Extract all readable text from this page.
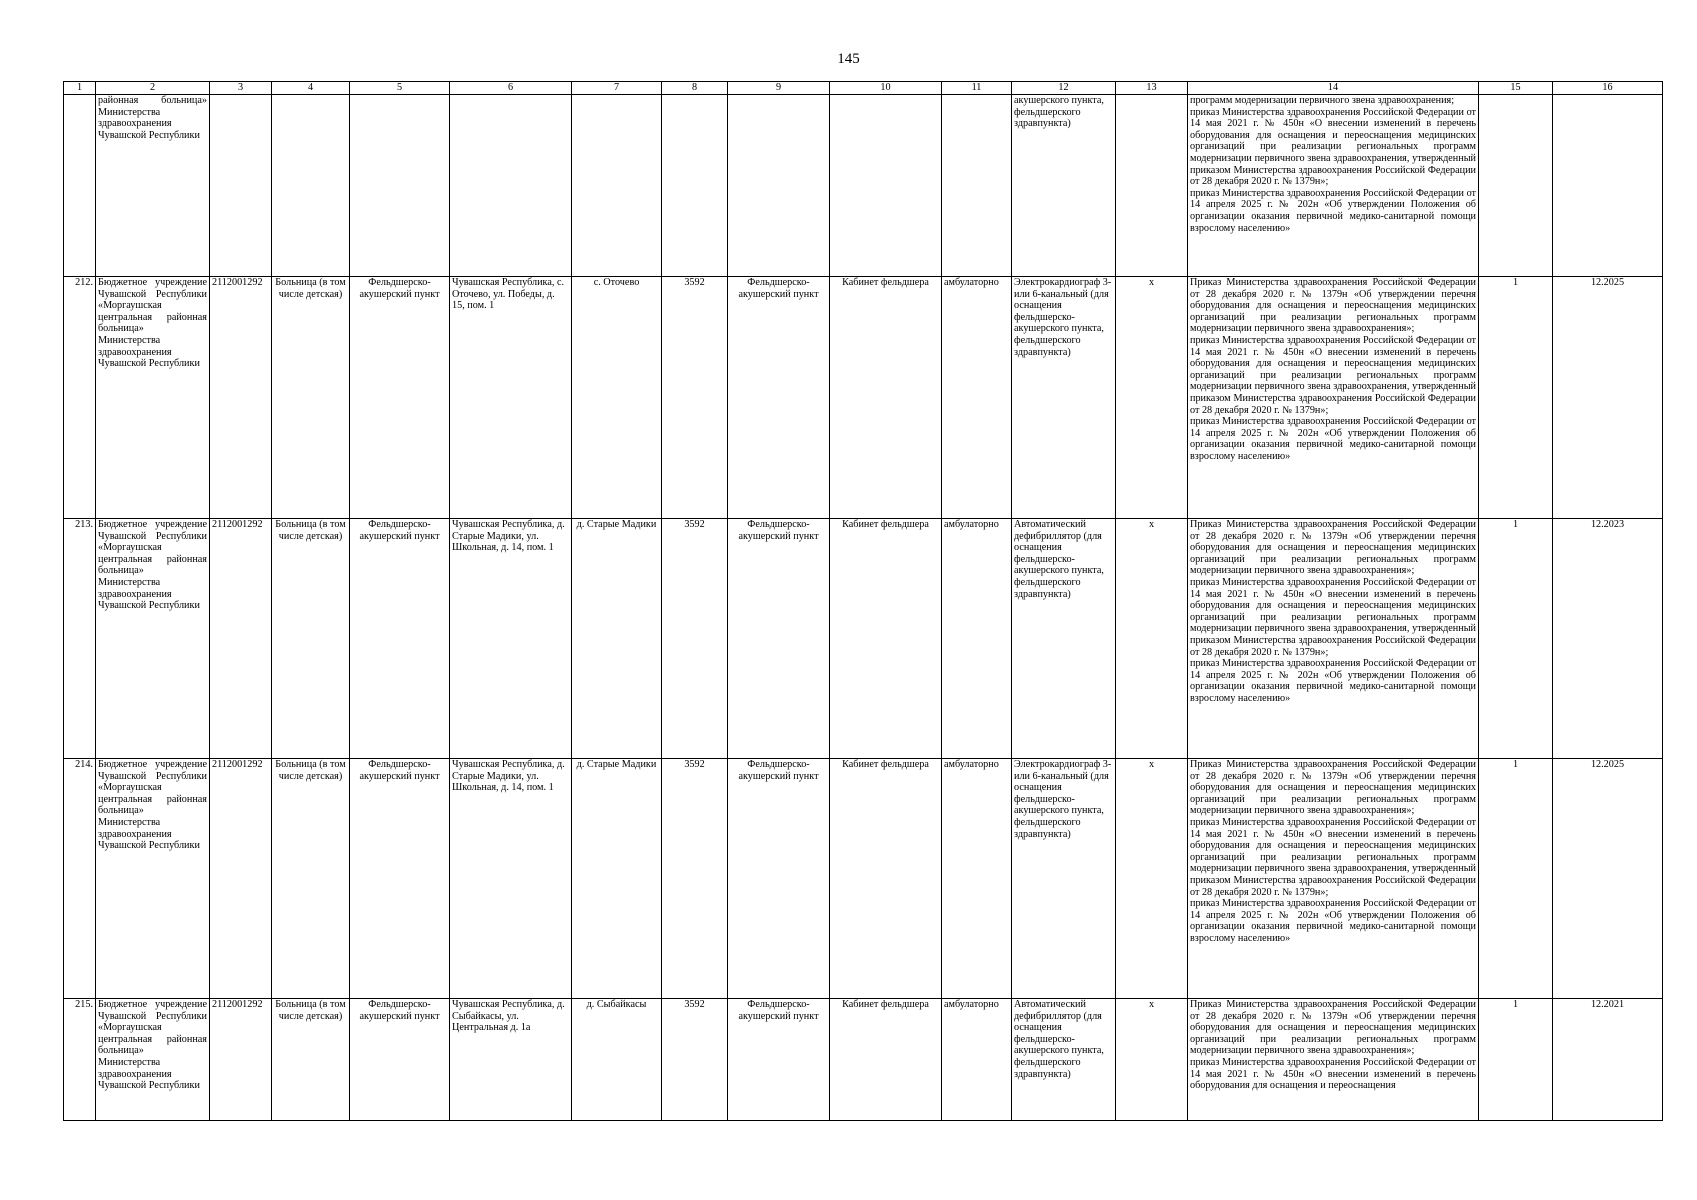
145
1	2	3	4	5	6	7	8	9	10	11	12	13	14	15	16
	районная больница» Министерства здравоохранения Чувашской Республики										акушерского пункта, фельдшерского здравпункта)		программ модернизации первичного звена здравоохранения;
приказ Министерства здравоохранения Российской Федерации от 14 мая 2021 г. № 450н «О внесении изменений в перечень оборудования для оснащения и переоснащения медицинских организаций при реализации региональных программ модернизации первичного звена здравоохранения, утвержденный приказом Министерства здравоохранения Российской Федерации от 28 декабря 2020 г. № 1379н»;
приказ Министерства здравоохранения Российской Федерации от 14 апреля 2025 г. № 202н «Об утверждении Положения об организации оказания первичной медико-санитарной помощи взрослому населению»		
212.	Бюджетное учреждение Чувашской Республики «Моргаушская центральная районная больница» Министерства здравоохранения Чувашской Республики	2112001292	Больница (в том числе детская)	Фельдшерско-акушерский пункт	Чувашская Республика, с. Оточево, ул. Победы, д. 15, пом. 1	с. Оточево	3592	Фельдшерско-акушерский пункт	Кабинет фельдшера	амбулаторно	Электрокардиограф 3- или 6-канальный (для оснащения фельдшерско-акушерского пункта, фельдшерского здравпункта)	x	Приказ Министерства здравоохранения Российской Федерации от 28 декабря 2020 г. № 1379н «Об утверждении перечня оборудования для оснащения и переоснащения медицинских организаций при реализации региональных программ модернизации первичного звена здравоохранения»;
приказ Министерства здравоохранения Российской Федерации от 14 мая 2021 г. № 450н «О внесении изменений в перечень оборудования для оснащения и переоснащения медицинских организаций при реализации региональных программ модернизации первичного звена здравоохранения, утвержденный приказом Министерства здравоохранения Российской Федерации от 28 декабря 2020 г. № 1379н»;
приказ Министерства здравоохранения Российской Федерации от 14 апреля 2025 г. № 202н «Об утверждении Положения об организации оказания первичной медико-санитарной помощи взрослому населению»	1	12.2025
213.	Бюджетное учреждение Чувашской Республики «Моргаушская центральная районная больница» Министерства здравоохранения Чувашской Республики	2112001292	Больница (в том числе детская)	Фельдшерско-акушерский пункт	Чувашская Республика, д. Старые Мадики, ул. Школьная, д. 14, пом. 1	д. Старые Мадики	3592	Фельдшерско-акушерский пункт	Кабинет фельдшера	амбулаторно	Автоматический дефибриллятор (для оснащения фельдшерско-акушерского пункта, фельдшерского здравпункта)	x	Приказ Министерства здравоохранения Российской Федерации от 28 декабря 2020 г. № 1379н «Об утверждении перечня оборудования для оснащения и переоснащения медицинских организаций при реализации региональных программ модернизации первичного звена здравоохранения»;
приказ Министерства здравоохранения Российской Федерации от 14 мая 2021 г. № 450н «О внесении изменений в перечень оборудования для оснащения и переоснащения медицинских организаций при реализации региональных программ модернизации первичного звена здравоохранения, утвержденный приказом Министерства здравоохранения Российской Федерации от 28 декабря 2020 г. № 1379н»;
приказ Министерства здравоохранения Российской Федерации от 14 апреля 2025 г. № 202н «Об утверждении Положения об организации оказания первичной медико-санитарной помощи взрослому населению»	1	12.2023
214.	Бюджетное учреждение Чувашской Республики «Моргаушская центральная районная больница» Министерства здравоохранения Чувашской Республики	2112001292	Больница (в том числе детская)	Фельдшерско-акушерский пункт	Чувашская Республика, д. Старые Мадики, ул. Школьная, д. 14, пом. 1	д. Старые Мадики	3592	Фельдшерско-акушерский пункт	Кабинет фельдшера	амбулаторно	Электрокардиограф 3- или 6-канальный (для оснащения фельдшерско-акушерского пункта, фельдшерского здравпункта)	x	Приказ Министерства здравоохранения Российской Федерации от 28 декабря 2020 г. № 1379н «Об утверждении перечня оборудования для оснащения и переоснащения медицинских организаций при реализации региональных программ модернизации первичного звена здравоохранения»;
приказ Министерства здравоохранения Российской Федерации от 14 мая 2021 г. № 450н «О внесении изменений в перечень оборудования для оснащения и переоснащения медицинских организаций при реализации региональных программ модернизации первичного звена здравоохранения, утвержденный приказом Министерства здравоохранения Российской Федерации от 28 декабря 2020 г. № 1379н»;
приказ Министерства здравоохранения Российской Федерации от 14 апреля 2025 г. № 202н «Об утверждении Положения об организации оказания первичной медико-санитарной помощи взрослому населению»	1	12.2025
215.	Бюджетное учреждение Чувашской Республики «Моргаушская центральная районная больница» Министерства здравоохранения Чувашской Республики	2112001292	Больница (в том числе детская)	Фельдшерско-акушерский пункт	Чувашская Республика, д. Сыбайкасы, ул. Центральная д. 1а	д. Сыбайкасы	3592	Фельдшерско-акушерский пункт	Кабинет фельдшера	амбулаторно	Автоматический дефибриллятор (для оснащения фельдшерско-акушерского пункта, фельдшерского здравпункта)	x	Приказ Министерства здравоохранения Российской Федерации от 28 декабря 2020 г. № 1379н «Об утверждении перечня оборудования для оснащения и переоснащения медицинских организаций при реализации региональных программ модернизации первичного звена здравоохранения»;
приказ Министерства здравоохранения Российской Федерации от 14 мая 2021 г. № 450н «О внесении изменений в перечень оборудования для оснащения и переоснащения	1	12.2021
